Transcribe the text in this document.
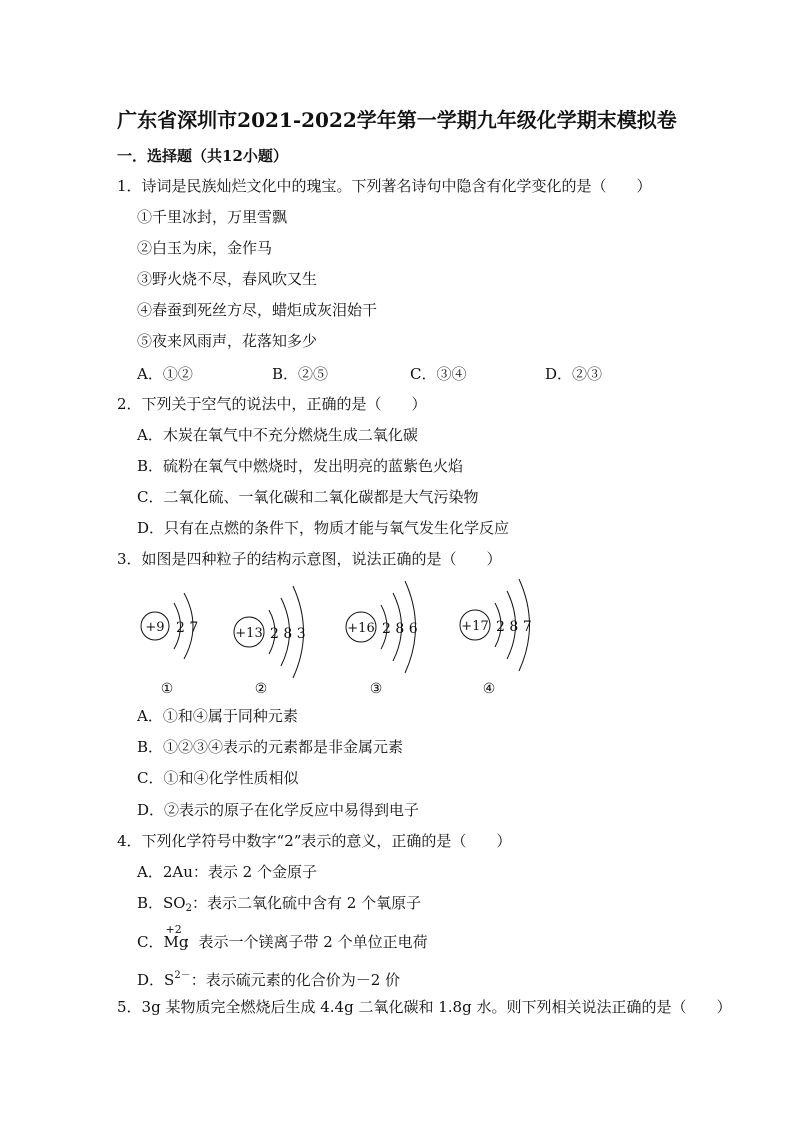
广东省深圳市2021-2022学年第一学期九年级化学期末模拟卷
一．选择题（共12小题）
1．诗词是民族灿烂文化中的瑰宝。下列著名诗句中隐含有化学变化的是（　　）
①千里冰封，万里雪飘
②白玉为床，金作马
③野火烧不尽，春风吹又生
④春蚕到死丝方尽，蜡炬成灰泪始干
⑤夜来风雨声，花落知多少
A．①②	B．②⑤	C．③④	D．②③
2．下列关于空气的说法中，正确的是（　　）
A．木炭在氧气中不充分燃烧生成二氧化碳
B．硫粉在氧气中燃烧时，发出明亮的蓝紫色火焰
C．二氧化硫、一氧化碳和二氧化碳都是大气污染物
D．只有在点燃的条件下，物质才能与氧气发生化学反应
3．如图是四种粒子的结构示意图，说法正确的是（　　）
+9 2 7
①
+13 2 8 3
②
+16 2 8 6
③
+17 2 8 7
④
A．①和④属于同种元素
B．①②③④表示的元素都是非金属元素
C．①和④化学性质相似
D．②表示的原子在化学反应中易得到电子
4．下列化学符号中数字“2”表示的意义，正确的是（　　）
A．2Au：表示 2 个金原子
B．$SO_2$：表示二氧化硫中含有 2 个氧原子
C．
+2
Mg：表示一个镁离子带 2 个单位正电荷
D．$S^{2-}$：表示硫元素的化合价为－2 价
5．3g 某物质完全燃烧后生成 4.4g 二氧化碳和 1.8g 水。则下列相关说法正确的是（　　）
